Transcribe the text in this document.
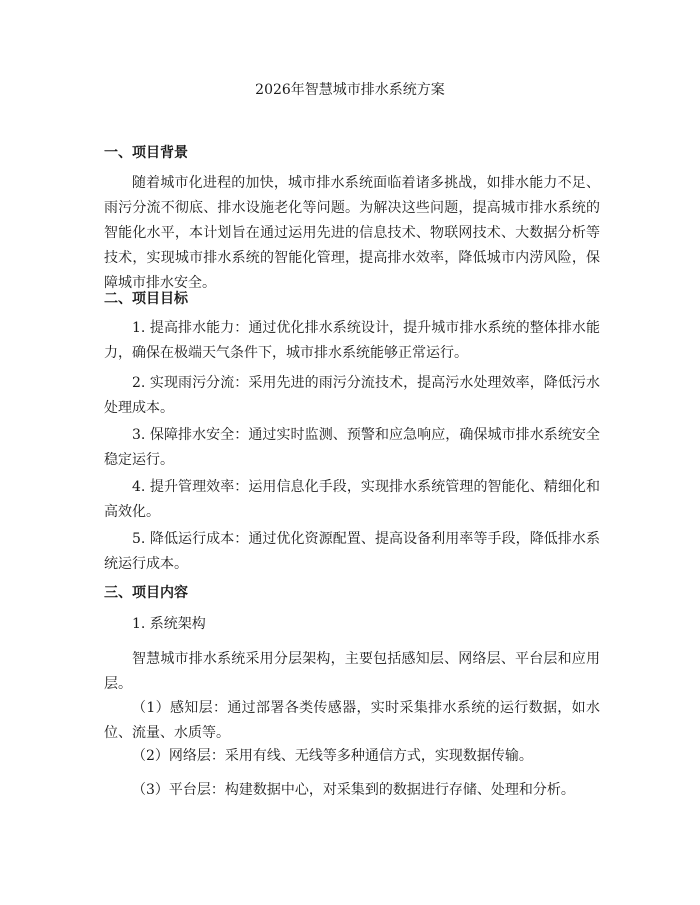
2026年智慧城市排水系统方案
一、项目背景

随着城市化进程的加快，城市排水系统面临着诸多挑战，如排水能力不足、雨污分流不彻底、排水设施老化等问题。为解决这些问题，提高城市排水系统的智能化水平，本计划旨在通过运用先进的信息技术、物联网技术、大数据分析等技术，实现城市排水系统的智能化管理，提高排水效率，降低城市内涝风险，保障城市排水安全。

二、项目目标

1. 提高排水能力：通过优化排水系统设计，提升城市排水系统的整体排水能力，确保在极端天气条件下，城市排水系统能够正常运行。

2. 实现雨污分流：采用先进的雨污分流技术，提高污水处理效率，降低污水处理成本。

3. 保障排水安全：通过实时监测、预警和应急响应，确保城市排水系统安全稳定运行。

4. 提升管理效率：运用信息化手段，实现排水系统管理的智能化、精细化和高效化。

5. 降低运行成本：通过优化资源配置、提高设备利用率等手段，降低排水系统运行成本。

三、项目内容

1. 系统架构

智慧城市排水系统采用分层架构，主要包括感知层、网络层、平台层和应用层。

（1）感知层：通过部署各类传感器，实时采集排水系统的运行数据，如水位、流量、水质等。

（2）网络层：采用有线、无线等多种通信方式，实现数据传输。

（3）平台层：构建数据中心，对采集到的数据进行存储、处理和分析。
